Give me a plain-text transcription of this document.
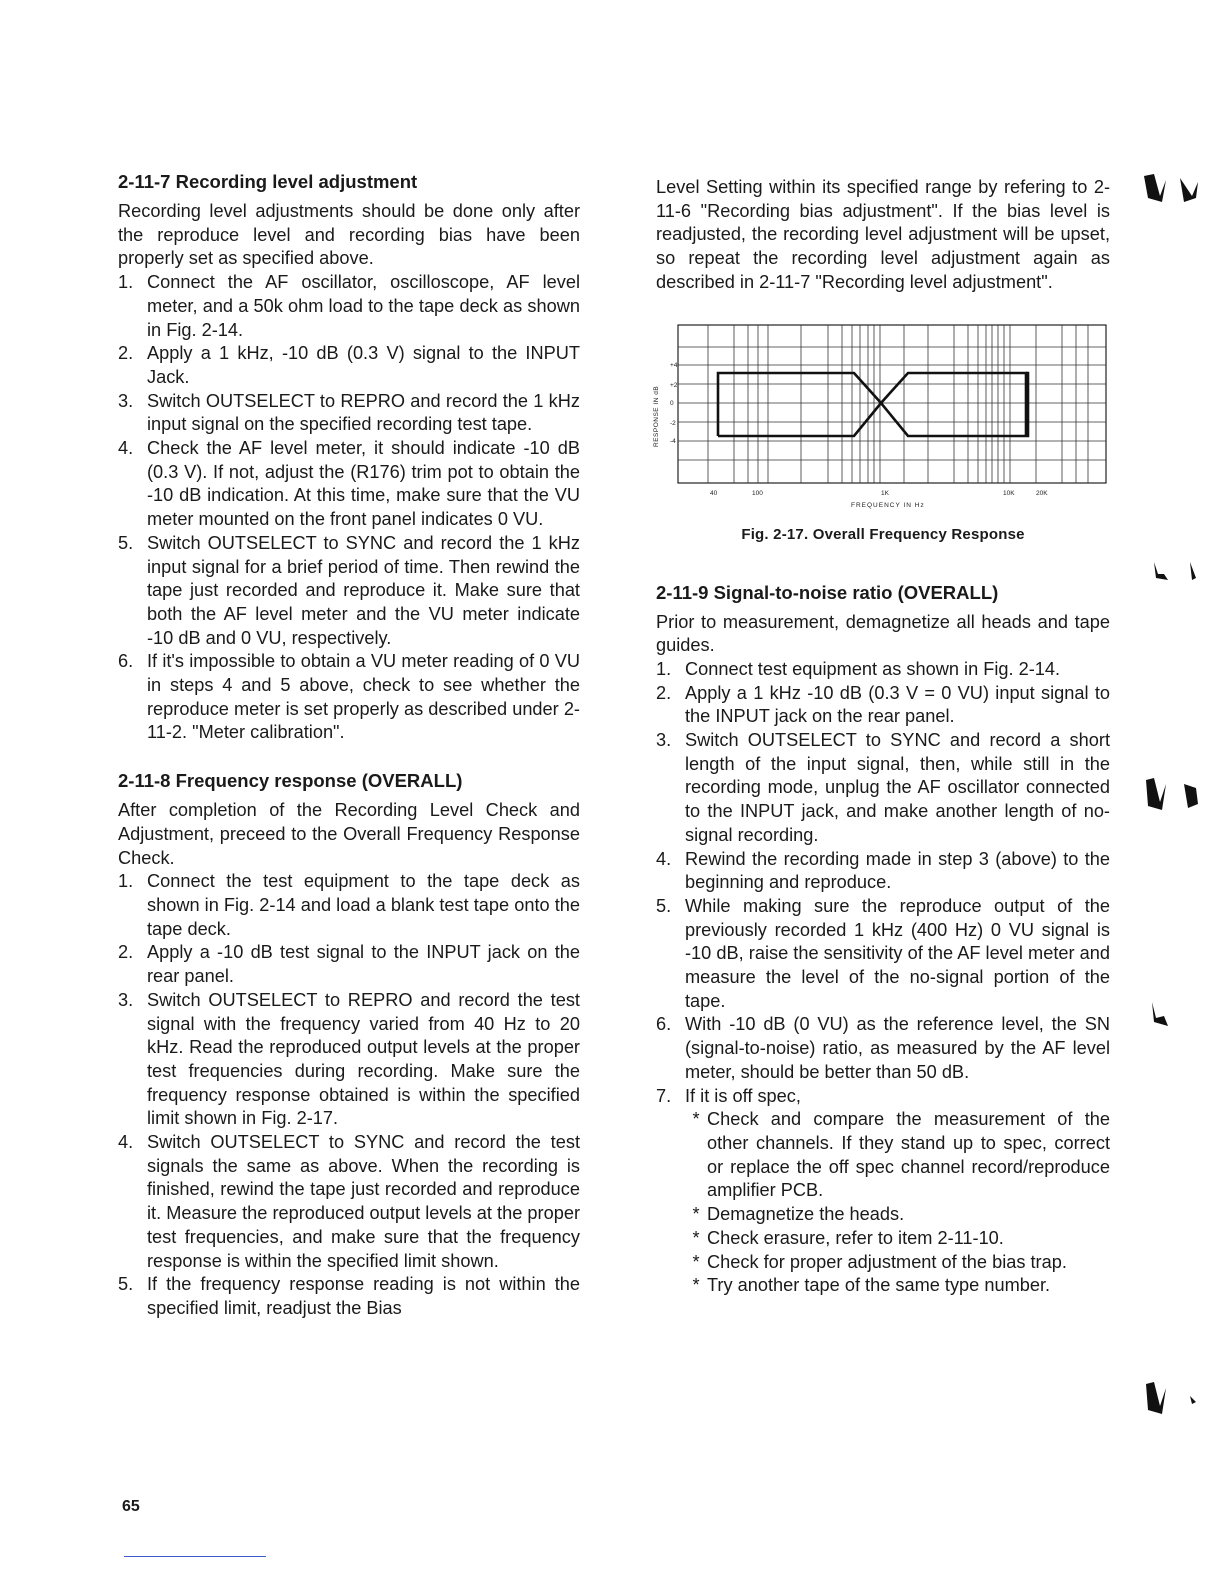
2-11-7 Recording level adjustment

Recording level adjustments should be done only after the reproduce level and recording bias have been properly set as specified above.

1. Connect the AF oscillator, oscilloscope, AF level meter, and a 50k ohm load to the tape deck as shown in Fig. 2-14.
2. Apply a 1 kHz, -10 dB (0.3 V) signal to the INPUT Jack.
3. Switch OUTSELECT to REPRO and record the 1 kHz input signal on the specified recording test tape.
4. Check the AF level meter, it should indicate -10 dB (0.3 V). If not, adjust the (R176) trim pot to obtain the -10 dB indication. At this time, make sure that the VU meter mounted on the front panel indicates 0 VU.
5. Switch OUTSELECT to SYNC and record the 1 kHz input signal for a brief period of time. Then rewind the tape just recorded and reproduce it. Make sure that both the AF level meter and the VU meter indicate -10 dB and 0 VU, respectively.
6. If it's impossible to obtain a VU meter reading of 0 VU in steps 4 and 5 above, check to see whether the reproduce meter is set properly as described under 2-11-2. "Meter calibration".
2-11-8 Frequency response (OVERALL)

After completion of the Recording Level Check and Adjustment, preceed to the Overall Frequency Response Check.

1. Connect the test equipment to the tape deck as shown in Fig. 2-14 and load a blank test tape onto the tape deck.
2. Apply a -10 dB test signal to the INPUT jack on the rear panel.
3. Switch OUTSELECT to REPRO and record the test signal with the frequency varied from 40 Hz to 20 kHz. Read the reproduced output levels at the proper test frequencies during recording. Make sure the frequency response obtained is within the specified limit shown in Fig. 2-17.
4. Switch OUTSELECT to SYNC and record the test signals the same as above. When the recording is finished, rewind the tape just recorded and reproduce it. Measure the reproduced output levels at the proper test frequencies, and make sure that the frequency response is within the specified limit shown.
5. If the frequency response reading is not within the specified limit, readjust the Bias

Level Setting within its specified range by refering to 2-11-6 "Recording bias adjustment". If the bias level is readjusted, the recording level adjustment will be upset, so repeat the recording level adjustment again as described in 2-11-7 "Recording level adjustment".

RESPONSE IN dB
+4
+2
0
-2
-4
40	100	1K	10K	20K
FREQUENCY IN Hz
Fig. 2-17. Overall Frequency Response
2-11-9 Signal-to-noise ratio (OVERALL)

Prior to measurement, demagnetize all heads and tape guides.

1. Connect test equipment as shown in Fig. 2-14.
2. Apply a 1 kHz -10 dB (0.3 V = 0 VU) input signal to the INPUT jack on the rear panel.
3. Switch OUTSELECT to SYNC and record a short length of the input signal, then, while still in the recording mode, unplug the AF oscillator connected to the INPUT jack, and make another length of no-signal recording.
4. Rewind the recording made in step 3 (above) to the beginning and reproduce.
5. While making sure the reproduce output of the previously recorded 1 kHz (400 Hz) 0 VU signal is -10 dB, raise the sensitivity of the AF level meter and measure the level of the no-signal portion of the tape.
6. With -10 dB (0 VU) as the reference level, the SN (signal-to-noise) ratio, as measured by the AF level meter, should be better than 50 dB.
7. If it is off spec,
* Check and compare the measurement of the other channels. If they stand up to spec, correct or replace the off spec channel record/reproduce amplifier PCB.
* Demagnetize the heads.
* Check erasure, refer to item 2-11-10.
* Check for proper adjustment of the bias trap.
* Try another tape of the same type number.
65
